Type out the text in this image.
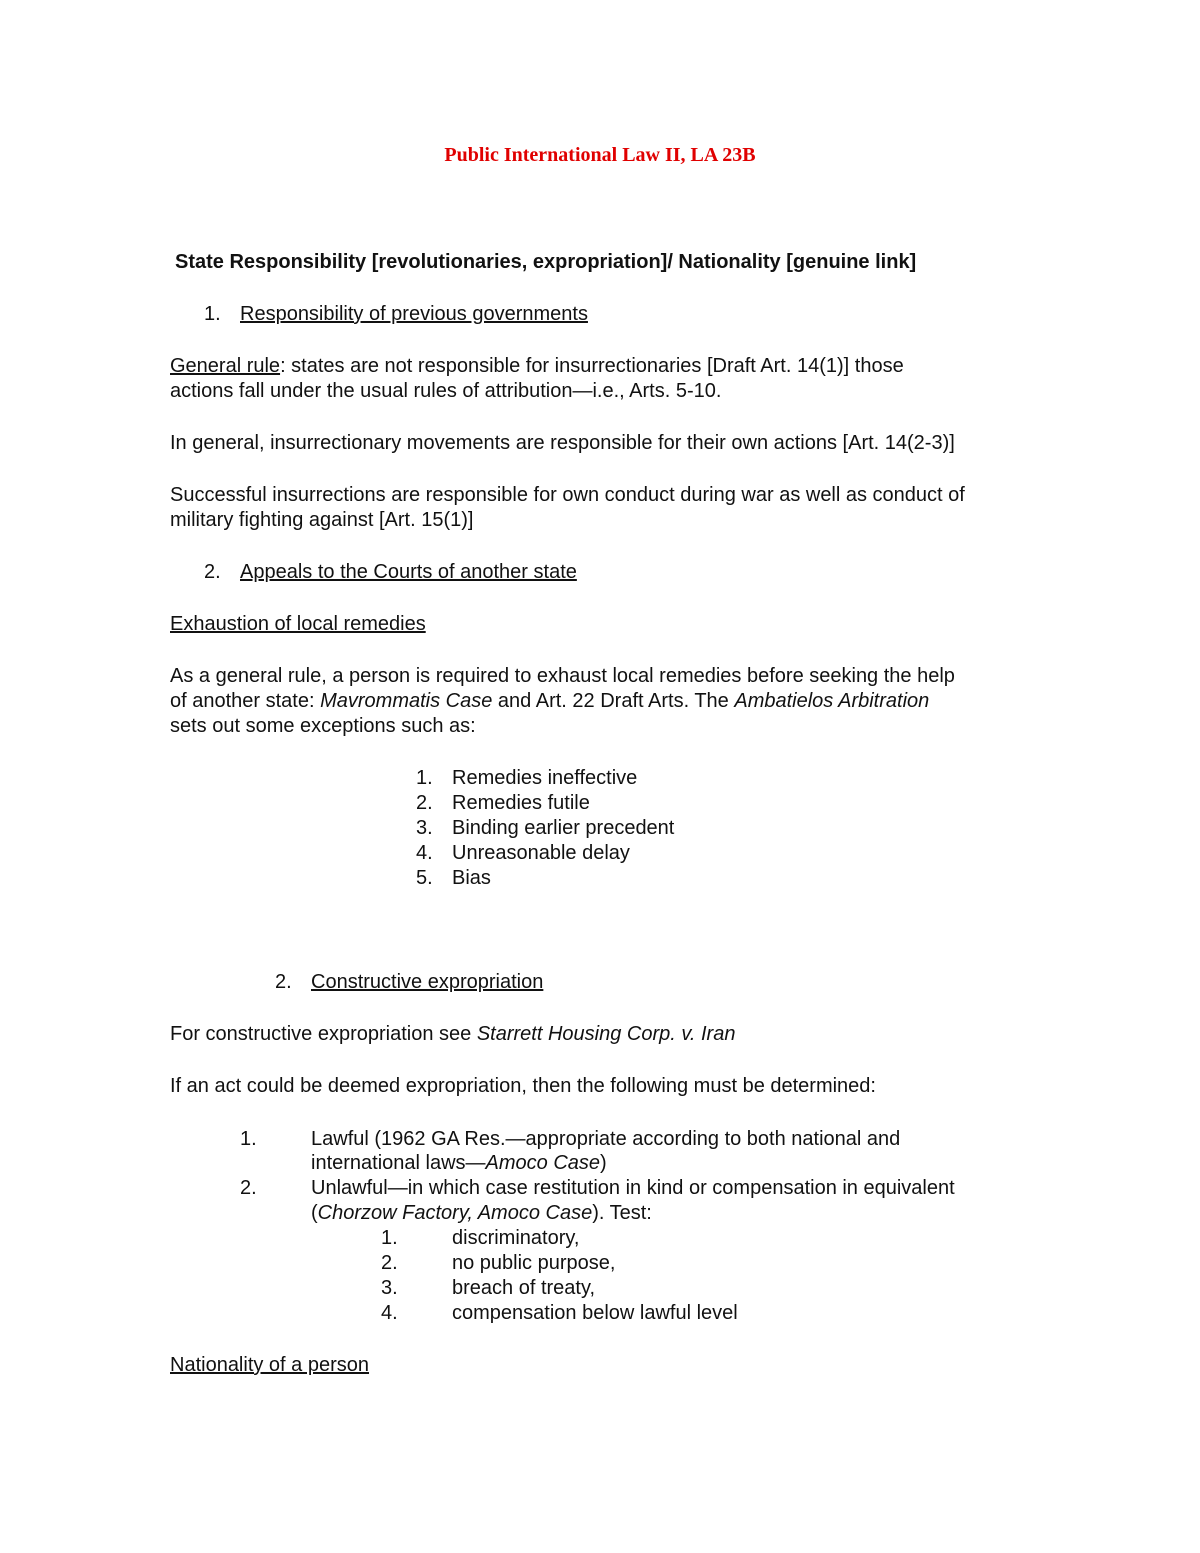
Public International Law II, LA 23B
State Responsibility [revolutionaries, expropriation]/ Nationality [genuine link]
1. Responsibility of previous governments
General rule: states are not responsible for insurrectionaries [Draft Art. 14(1)] those
actions fall under the usual rules of attribution—i.e., Arts. 5-10.
In general, insurrectionary movements are responsible for their own actions [Art. 14(2-3)]
Successful insurrections are responsible for own conduct during war as well as conduct of
military fighting against [Art. 15(1)]
2. Appeals to the Courts of another state
Exhaustion of local remedies
As a general rule, a person is required to exhaust local remedies before seeking the help
of another state: Mavrommatis Case and Art. 22 Draft Arts. The Ambatielos Arbitration
sets out some exceptions such as:
1. Remedies ineffective
2. Remedies futile
3. Binding earlier precedent
4. Unreasonable delay
5. Bias
2. Constructive expropriation
For constructive expropriation see Starrett Housing Corp. v. Iran
If an act could be deemed expropriation, then the following must be determined:
1.	Lawful (1962 GA Res.—appropriate according to both national and
international laws—Amoco Case)
2.	Unlawful—in which case restitution in kind or compensation in equivalent
(Chorzow Factory, Amoco Case). Test:
1.	discriminatory,
2.	no public purpose,
3.	breach of treaty,
4.	compensation below lawful level
Nationality of a person
